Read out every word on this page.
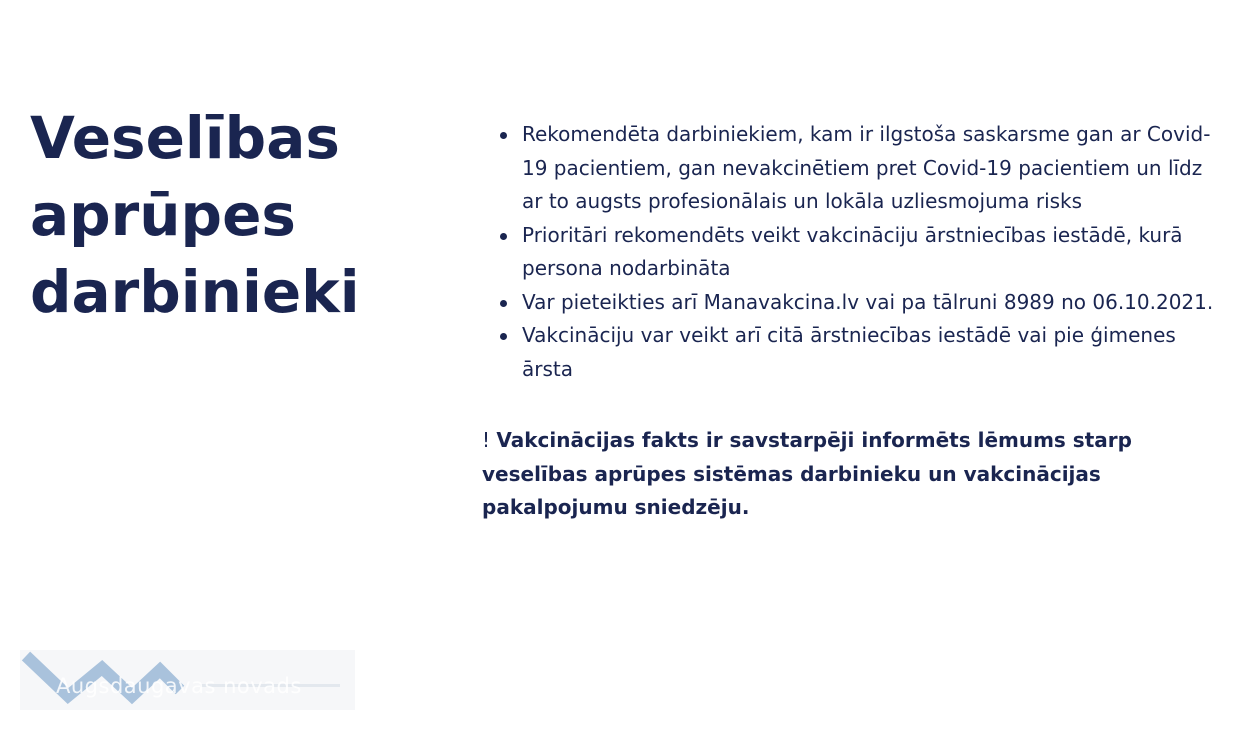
Veselības aprūpes darbinieki
Rekomendēta darbiniekiem, kam ir ilgstoša saskarsme gan ar Covid-19 pacientiem, gan nevakcinētiem pret Covid-19 pacientiem un līdz ar to augsts profesionālais un lokāla uzliesmojuma risks
Prioritāri rekomendēts veikt vakcināciju ārstniecības iestādē, kurā persona nodarbināta
Var pieteikties arī Manavakcina.lv vai pa tālruni 8989 no 06.10.2021.
Vakcināciju var veikt arī citā ārstniecības iestādē vai pie ģimenes ārsta

! Vakcinācijas fakts ir savstarpēji informēts lēmums starp veselības aprūpes sistēmas darbinieku un vakcinācijas pakalpojumu sniedzēju.

Augsdaugavas novads
